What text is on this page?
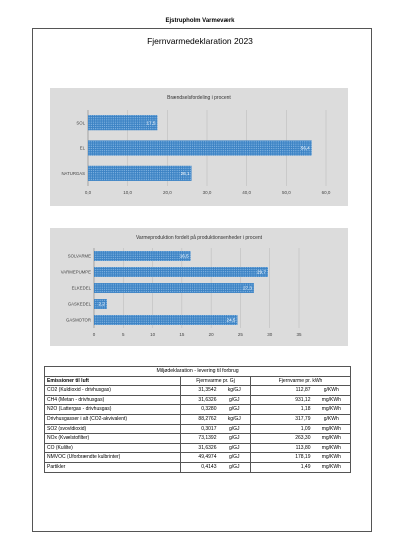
Ejstrupholm Varmeværk
Fjernvarmedeklaration 2023
Brændselsfordeling i procent
0,0	10,0	20,0	30,0	40,0	50,0	60,0
SOL	17,5
EL	56,4
NATURGAS	26,1
Varmeproduktion fordelt på produktionsenheder i procent
0	5	10	15	20	25	30	35
SOLVARME	16,5
VARMEPUMPE	29,7
ELKEDEL	27,3
GASKEDEL 2,2
GASMOTOR	24,5
Miljødeklaration - levering til forbrug				
Emissioner til luft	Fjernvarme pr. Gj		Fjernvarme pr. kWh	
CO2 (Kuldioxid - drivhusgas)	31,3542	kg/GJ	112,87	g/KWh
CH4 (Metan - drivhusgas)	31,6326	g/GJ	931,12	mg/KWh
N2O (Lattergas - drivhusgas)	0,3280	g/GJ	1,18	mg/KWh
Drivhusgasser i alt (CO2-akvivalent)	88,2762	kg/GJ	317,79	g/KWh
SO2 (svovldioxid)	0,3017	g/GJ	1,09	mg/KWh
NOx (Kvælstofilter)	73,1392	g/GJ	263,30	mg/KWh
CO (Kulilte)	31,6326	g/GJ	113,80	mg/KWh
NMVOC (Uforbrændte kulbrinter)	49,4974	g/GJ	178,19	mg/KWh
Partikler	0,4143	g/GJ	1,49	mg/KWh
